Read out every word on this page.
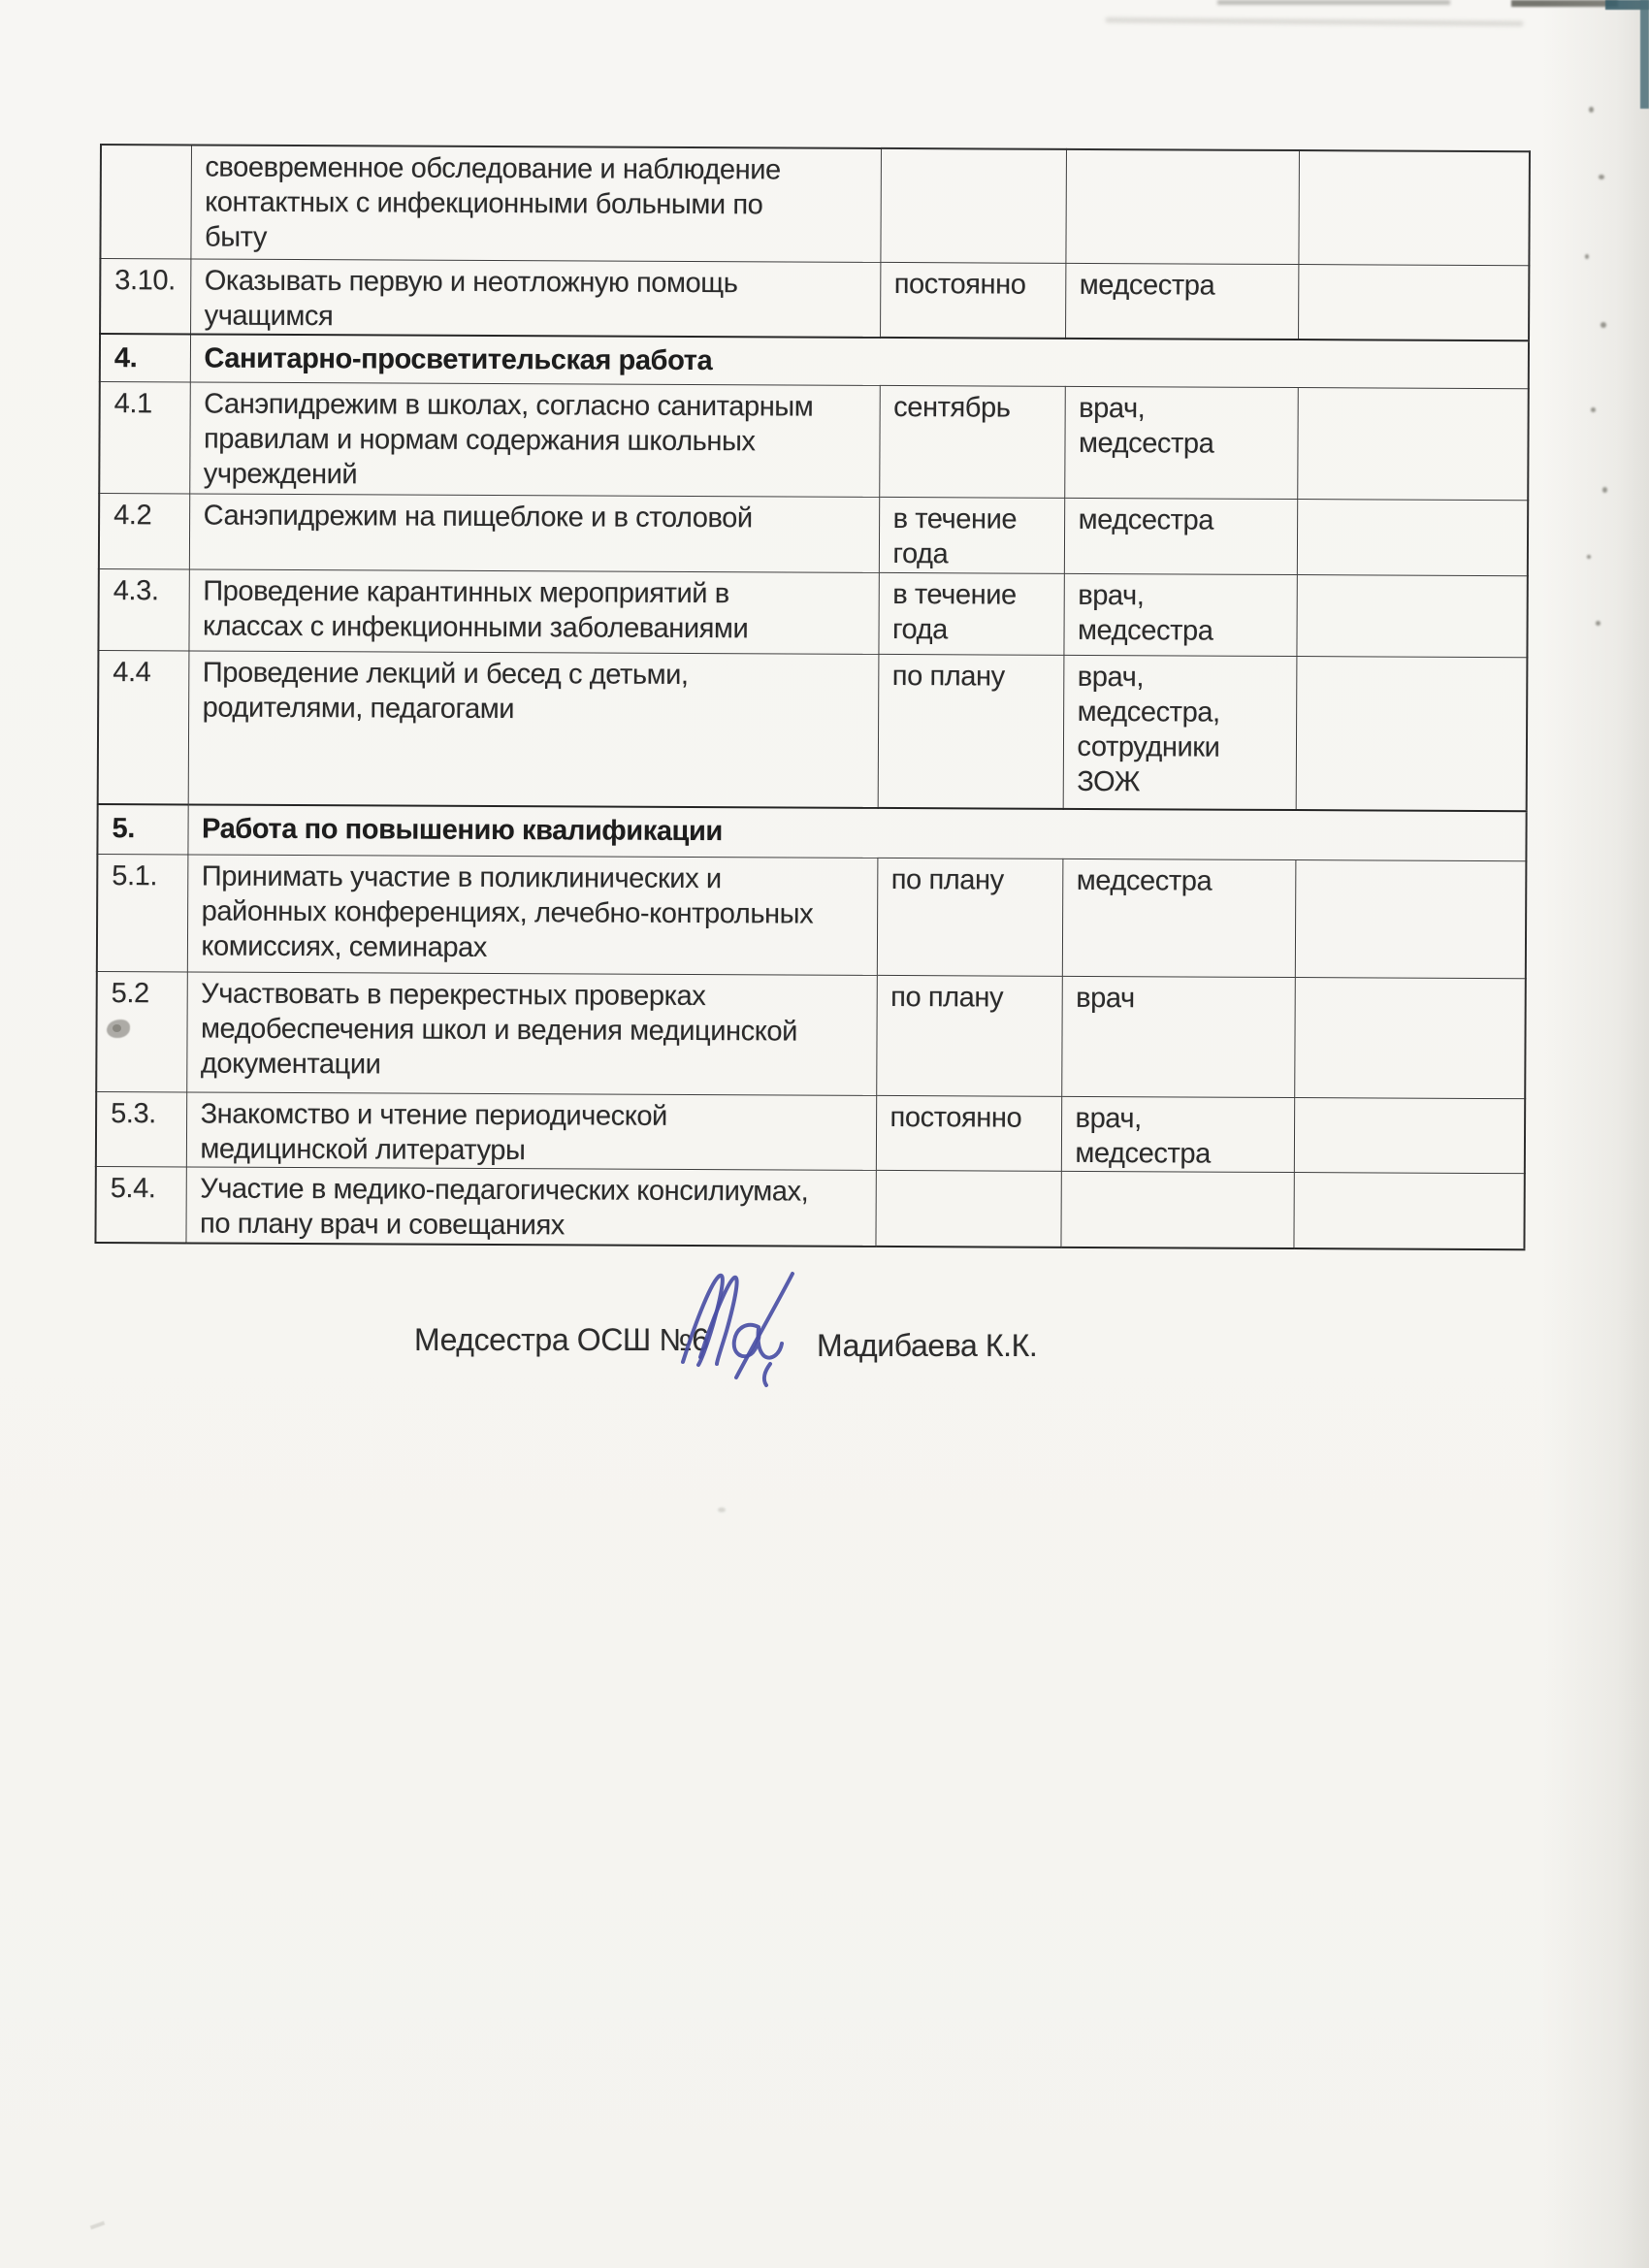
	своевременное обследование и наблюдение
контактных с инфекционными больными по
быту			
3.10.	Оказывать первую и неотложную помощь
учащимся	постоянно	медсестра	
4.	Санитарно-просветительская работа			
4.1	Санэпидрежим в школах, согласно санитарным
правилам и нормам содержания школьных
учреждений	сентябрь	врач,
медсестра	
4.2	Санэпидрежим на пищеблоке и в столовой	в течение
года	медсестра	
4.3.	Проведение карантинных мероприятий в
классах с инфекционными заболеваниями	в течение
года	врач,
медсестра	
4.4	Проведение лекций и бесед с детьми,
родителями, педагогами	по плану	врач,
медсестра,
сотрудники
ЗОЖ	
5.	Работа по повышению квалификации			
5.1.	Принимать участие в поликлинических и
районных конференциях, лечебно-контрольных
комиссиях, семинарах	по плану	медсестра	
5.2	Участвовать в перекрестных проверках
медобеспечения школ и ведения медицинской
документации	по плану	врач	
5.3.	Знакомство и чтение периодической
медицинской литературы	постоянно	врач,
медсестра	
5.4.	Участие в медико-педагогических консилиумах,
по плану врач и совещаниях			
Медсестра ОСШ №6	Мадибаева К.К.
